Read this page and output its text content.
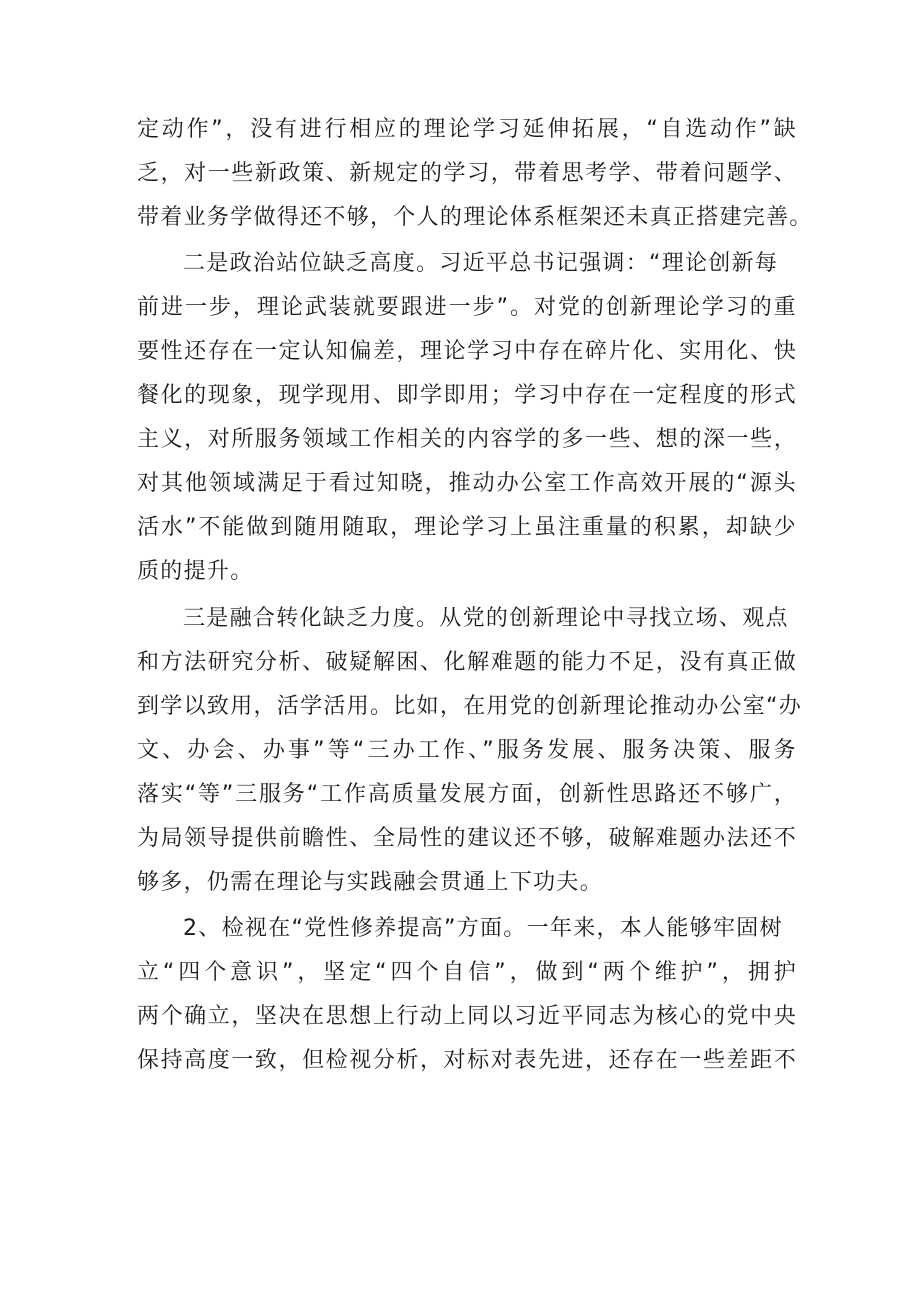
定动作”，没有进行相应的理论学习延伸拓展，“自选动作”缺
乏，对一些新政策、新规定的学习，带着思考学、带着问题学、
带着业务学做得还不够，个人的理论体系框架还未真正搭建完善。
二是政治站位缺乏高度。习近平总书记强调：“理论创新每
前进一步，理论武装就要跟进一步”。对党的创新理论学习的重
要性还存在一定认知偏差，理论学习中存在碎片化、实用化、快
餐化的现象，现学现用、即学即用；学习中存在一定程度的形式
主义，对所服务领域工作相关的内容学的多一些、想的深一些，
对其他领域满足于看过知晓，推动办公室工作高效开展的“源头
活水”不能做到随用随取，理论学习上虽注重量的积累，却缺少
质的提升。
三是融合转化缺乏力度。从党的创新理论中寻找立场、观点
和方法研究分析、破疑解困、化解难题的能力不足，没有真正做
到学以致用，活学活用。比如，在用党的创新理论推动办公室“办
文、办会、办事”等“三办工作、”服务发展、服务决策、服务
落实“等”三服务“工作高质量发展方面，创新性思路还不够广，
为局领导提供前瞻性、全局性的建议还不够，破解难题办法还不
够多，仍需在理论与实践融会贯通上下功夫。
2、检视在“党性修养提高”方面。一年来，本人能够牢固树
立“四个意识”，坚定“四个自信”，做到“两个维护”，拥护
两个确立，坚决在思想上行动上同以习近平同志为核心的党中央
保持高度一致，但检视分析，对标对表先进，还存在一些差距不
